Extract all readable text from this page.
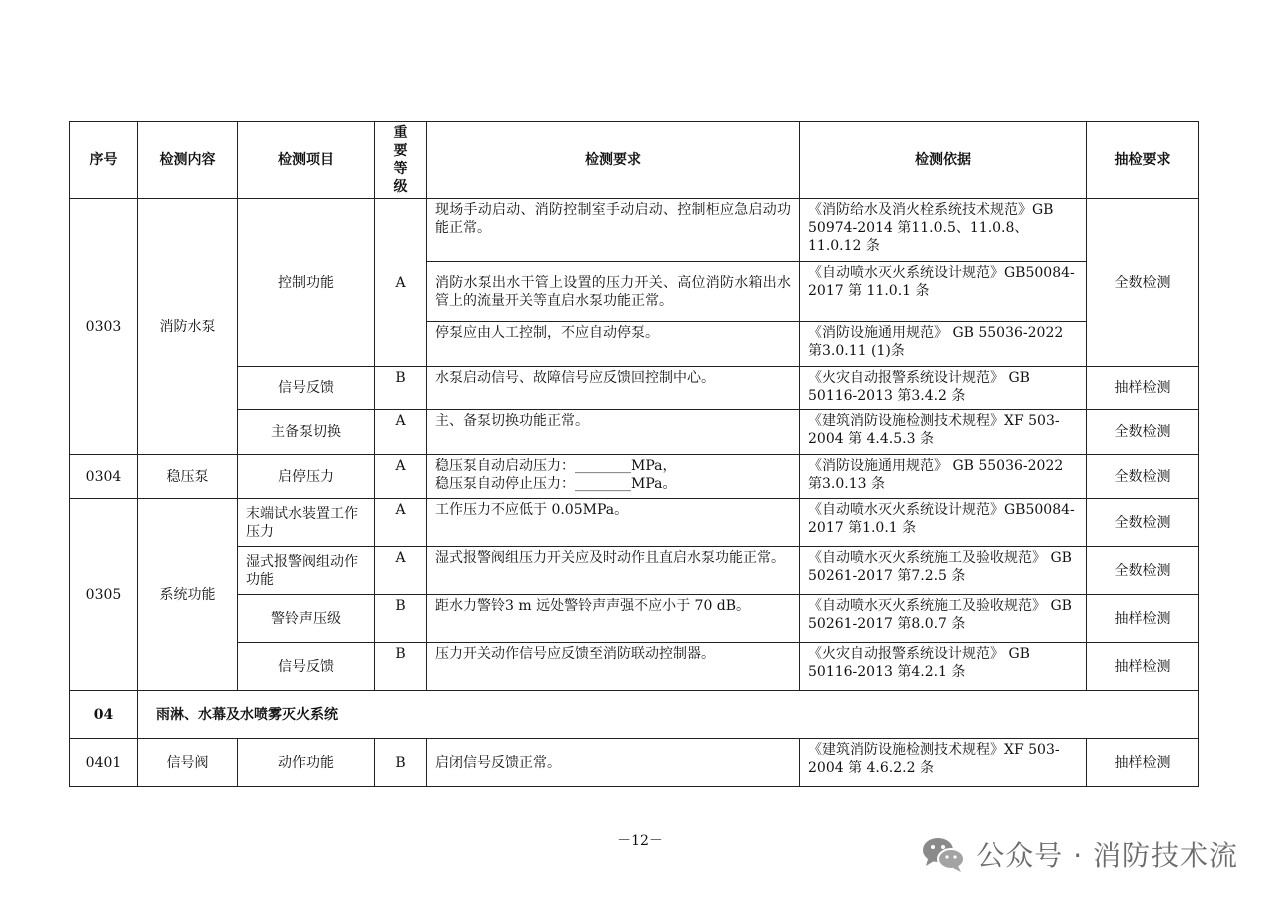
序号	检测内容	检测项目	重要等级	检测要求	检测依据	抽检要求
0303	消防水泵	控制功能	A	现场手动启动、消防控制室手动启动、控制柜应急启动功能正常。	《消防给水及消火栓系统技术规范》GB 50974-2014 第11.0.5、11.0.8、11.0.12 条	全数检测
				消防水泵出水干管上设置的压力开关、高位消防水箱出水管上的流量开关等直启水泵功能正常。	《自动喷水灭火系统设计规范》GB50084-2017 第 11.0.1 条	
				停泵应由人工控制，不应自动停泵。	《消防设施通用规范》 GB 55036-2022 第3.0.11 (1)条	
		信号反馈	B	水泵启动信号、故障信号应反馈回控制中心。	《火灾自动报警系统设计规范》 GB 50116-2013 第3.4.2 条	抽样检测
		主备泵切换	A	主、备泵切换功能正常。	《建筑消防设施检测技术规程》XF 503-2004 第 4.4.5.3 条	全数检测
0304	稳压泵	启停压力	A	稳压泵自动启动压力：________MPa，
稳压泵自动停止压力：________MPa。	《消防设施通用规范》 GB 55036-2022 第3.0.13 条	全数检测
0305	系统功能	末端试水装置工作压力	A	工作压力不应低于 0.05MPa。	《自动喷水灭火系统设计规范》GB50084-2017 第1.0.1 条	全数检测
		湿式报警阀组动作功能	A	湿式报警阀组压力开关应及时动作且直启水泵功能正常。	《自动喷水灭火系统施工及验收规范》 GB 50261-2017 第7.2.5 条	全数检测
		警铃声压级	B	距水力警铃3 m 远处警铃声声强不应小于 70 dB。	《自动喷水灭火系统施工及验收规范》 GB 50261-2017 第8.0.7 条	抽样检测
		信号反馈	B	压力开关动作信号应反馈至消防联动控制器。	《火灾自动报警系统设计规范》 GB 50116-2013 第4.2.1 条	抽样检测
04	雨淋、水幕及水喷雾灭火系统					
0401	信号阀	动作功能	B	启闭信号反馈正常。	《建筑消防设施检测技术规程》XF 503-2004 第 4.6.2.2 条	抽样检测
－12－	公众号 · 消防技术流
